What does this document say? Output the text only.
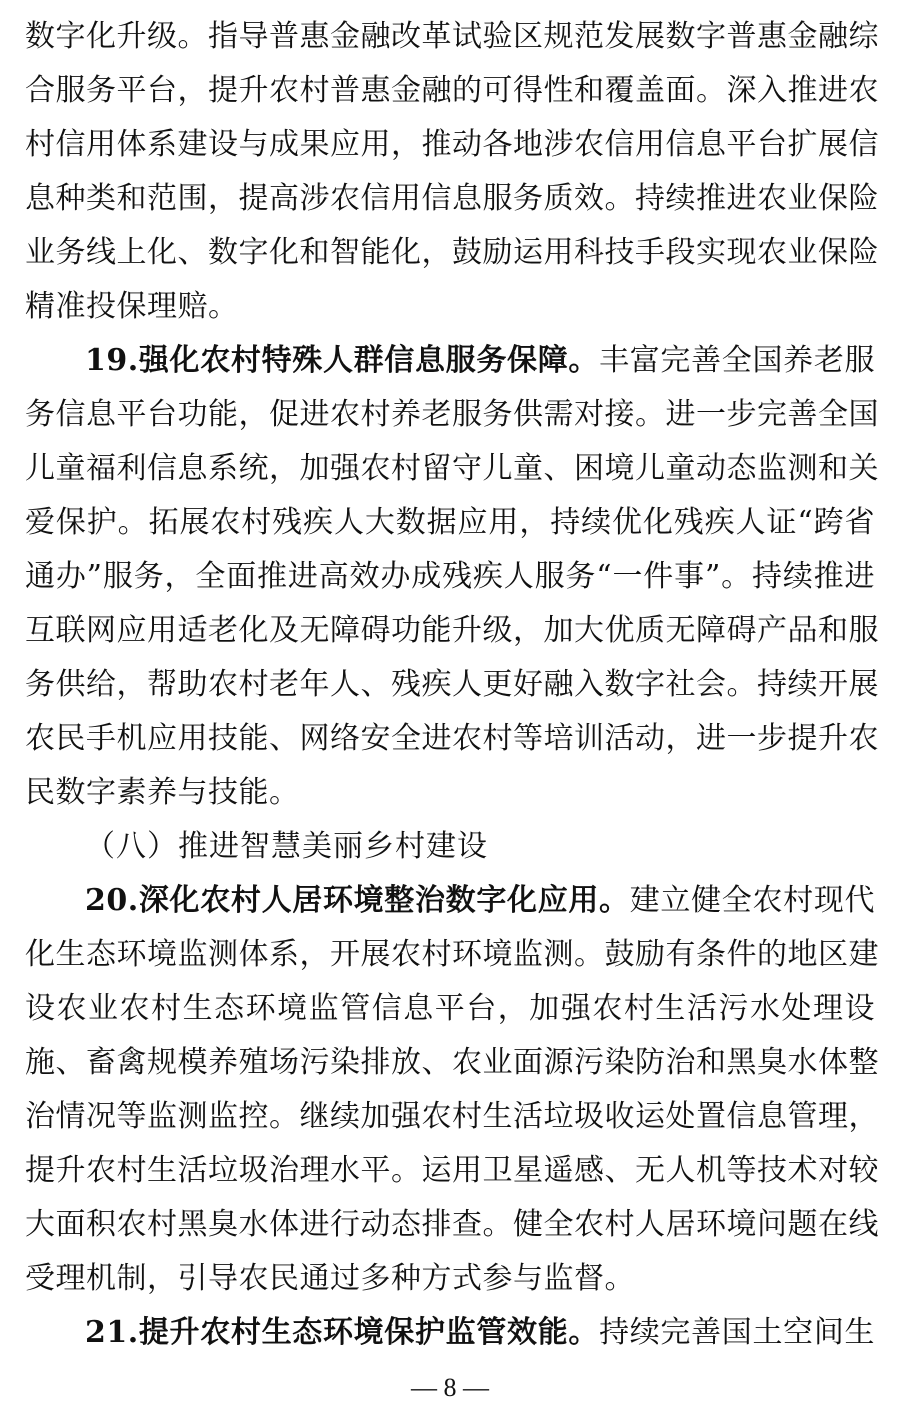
数字化升级。指导普惠金融改革试验区规范发展数字普惠金融综
合服务平台，提升农村普惠金融的可得性和覆盖面。深入推进农
村信用体系建设与成果应用，推动各地涉农信用信息平台扩展信
息种类和范围，提高涉农信用信息服务质效。持续推进农业保险
业务线上化、数字化和智能化，鼓励运用科技手段实现农业保险
精准投保理赔。
19.强化农村特殊人群信息服务保障。丰富完善全国养老服
务信息平台功能，促进农村养老服务供需对接。进一步完善全国
儿童福利信息系统，加强农村留守儿童、困境儿童动态监测和关
爱保护。拓展农村残疾人大数据应用，持续优化残疾人证“跨省
通办”服务，全面推进高效办成残疾人服务“一件事”。持续推进
互联网应用适老化及无障碍功能升级，加大优质无障碍产品和服
务供给，帮助农村老年人、残疾人更好融入数字社会。持续开展
农民手机应用技能、网络安全进农村等培训活动，进一步提升农
民数字素养与技能。
（八）推进智慧美丽乡村建设
20.深化农村人居环境整治数字化应用。建立健全农村现代
化生态环境监测体系，开展农村环境监测。鼓励有条件的地区建
设农业农村生态环境监管信息平台，加强农村生活污水处理设
施、畜禽规模养殖场污染排放、农业面源污染防治和黑臭水体整
治情况等监测监控。继续加强农村生活垃圾收运处置信息管理，
提升农村生活垃圾治理水平。运用卫星遥感、无人机等技术对较
大面积农村黑臭水体进行动态排查。健全农村人居环境问题在线
受理机制，引导农民通过多种方式参与监督。
21.提升农村生态环境保护监管效能。持续完善国土空间生
— 8 —
